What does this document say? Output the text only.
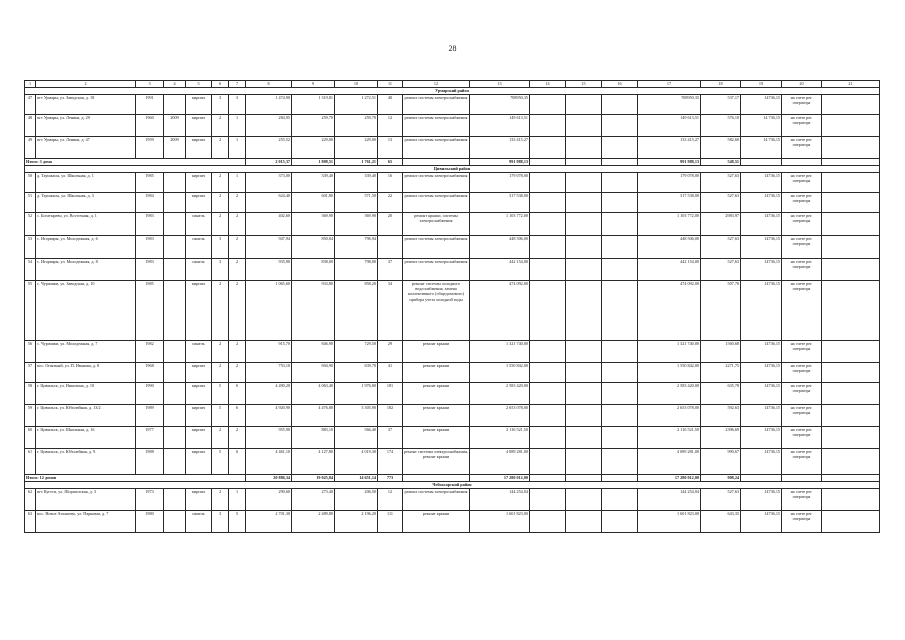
28
1	2	3	4	5	6	7	8	9	10	11	12	13	14	15	16	17	18	19	20	21
Урмарский район																				
47	пгт Урмары, ул. Заводская, д. 18	1991		кирпич	3	3	1 474,90	1 319,81	1 272,51	40	ремонт системы электроснабжения	708950,35				708950,35	537,17	14736,15	на счете рег. оператора	
48	пгт Урмары, ул. Ленина, д. 29	1960	2009	кирпич	2	1	284,95	259,70	259,70	12	ремонт системы электроснабжения	149 613,51				149 613,51	576,10	14 736,15	на счете рег. оператора	
49	пгт Урмары, ул. Ленина, д. 47	1959	2009	кирпич	2	1	255,52	229,00	229,00	13	ремонт системы электроснабжения	133 415,27				133 415,27	582,60	14 736,15	на счете рег. оператора	
Итого: 3 дома							2 015,37	1 808,51	1 761,21	65		991 988,13				991 988,13	548,51			
Цивильский район																				
50	д. Таушкасы, ул. Школьная, д. 1	1985		кирпич	2	1	373,00	339,40	339,40	16	ремонт системы электроснабжения	179 078,00				179 078,00	527,63	14736,15	на счете рег. оператора	
51	д. Таушкасы, ул. Школьная, д. 3	1984		кирпич	2	2	624,40	601,80	571,50	22	ремонт системы электроснабжения	317 538,00				317 538,00	527,63	14736,15	на счете рег. оператора	
52	с. Богатырево, ул. Восточная, д. 1	1983		панель	2	2	402,60	369,90	369,90	20	ремонт крыши, системы электроснабжения	1 103 772,00				1 103 772,00	2983,97	14736,15	на счете рег. оператора	
53	с. Игорвары, ул. Молодежная, д. 6	1983		панель	3	2	947,94	850,04	796,94		ремонт системы электроснабжения	448 506,00				448 506,00	527,63	14736,15	на счете рег. оператора	
54	с. Игорвары, ул. Молодежная, д. 8	1983		панель	3	2	935,90	838,00	798,00	37	ремонт системы электроснабжения	442 154,00				442 154,00	527,63	14736,15	на счете рег. оператора	
55	с. Чурачики, ул. Заводская, д. 10	1985		кирпич	2	2	1 065,60	933,80	858,20	34	ремонт системы холодного водоснабжения, замена коллективного (общедомового) прибора учета холодной воды	474 092,00				474 092,00	507,70	14736,15	на счете рег. оператора	
56	с. Чурачики, ул. Молодежная, д. 7	1982		панель	2	2	915,70	846,90	729,50	29	ремонт крыши	1 321 740,00				1 321 740,00	1560,68	14736,15	на счете рег. оператора	
57	пос. Опытный, ул. П. Иванова, д. 8	1968		кирпич	2	2	753,10	694,90	639,70	41	ремонт крыши	1 550 842,00				1 550 842,00	2271,75	14736,15	на счете рег. оператора	
58	г. Цивильск, ул. Никитина, д. 10	1990		кирпич	5	6	4 490,20	4 063,40	1 976,00	181	ремонт крыши	2 583 420,00				2 583 420,00	635,78	14736,15	на счете рег. оператора	
59	г. Цивильск, ул. Юбилейная, д. 13/2	1989		кирпич	5	6	4 920,90	4 476,80	3 305,90	182	ремонт крыши	2 653 078,00				2 653 078,00	592,63	14736,15	на счете рег. оператора	
60	г. Цивильск, ул. Школьная, д. 16	1977		кирпич	2	2	955,90	883,10	566,40	37	ремонт крыши	2 116 521,50				2 116 521,50	2396,69	14736,15	на счете рег. оператора	
61	г. Цивильск, ул. Юбилейная, д. 9	1988		кирпич	5	6	4 461,10	4 127,80	4 019,30	174	ремонт системы электроснабжения, ремонт крыши	4 089 281,00				4 089 281,00	990,67	14736,15	на счете рег. оператора	
Итого: 12 домов							20 886,34	19 025,84	14 651,14	773		17 280 012,00				17 280 012,00	908,24			
Чебоксарский район																				
62	пгт Кугеси, ул. Шоршелская, д. 3	1973		кирпич	2	1	290,60	273,40	206,50	12	ремонт системы электроснабжения	144 254,04				144 254,04	527,63	14736,15	на счете рег. оператора	
63	пос. Новое Атлашево, ул. Парковая, д. 7	1980		панель	3	5	2 701,30	2 489,80	2 196,20	111	ремонт крыши	1 601 823,00				1 601 823,00	643,35	14736,15	на счете рег. оператора	
